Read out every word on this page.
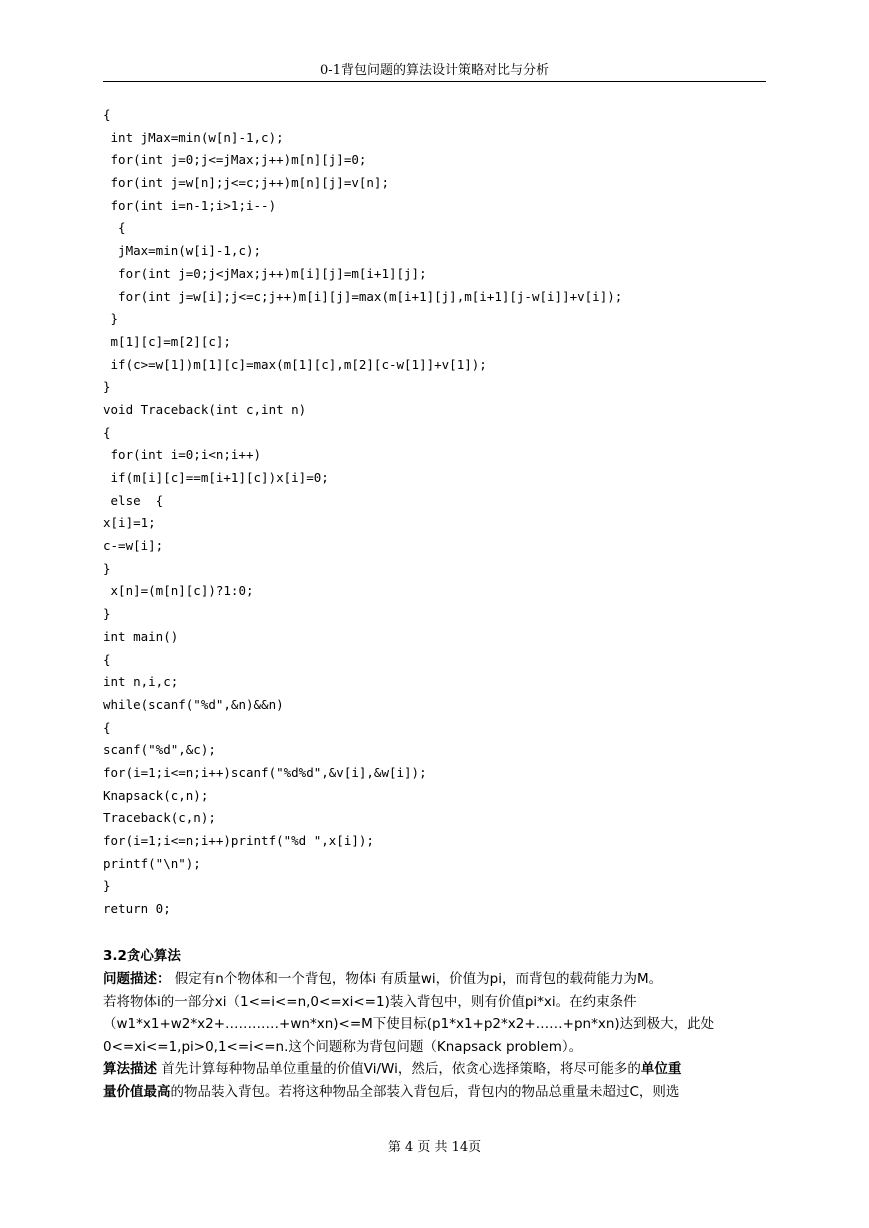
0-1背包问题的算法设计策略对比与分析
{
int jMax=min(w[n]-1,c);
for(int j=0;j<=jMax;j++)m[n][j]=0;
for(int j=w[n];j<=c;j++)m[n][j]=v[n];
for(int i=n-1;i>1;i--)
{
jMax=min(w[i]-1,c);
for(int j=0;j<jMax;j++)m[i][j]=m[i+1][j];
for(int j=w[i];j<=c;j++)m[i][j]=max(m[i+1][j],m[i+1][j-w[i]]+v[i]);
}
m[1][c]=m[2][c];
if(c>=w[1])m[1][c]=max(m[1][c],m[2][c-w[1]]+v[1]);
}
void Traceback(int c,int n)
{
for(int i=0;i<n;i++)
if(m[i][c]==m[i+1][c])x[i]=0;
else  {
x[i]=1;
c-=w[i];
}
x[n]=(m[n][c])?1:0;
}
int main()
{
int n,i,c;
while(scanf("%d",&n)&&n)
{
scanf("%d",&c);
for(i=1;i<=n;i++)scanf("%d%d",&v[i],&w[i]);
Knapsack(c,n);
Traceback(c,n);
for(i=1;i<=n;i++)printf("%d ",x[i]);
printf("\n");
}
return 0;
3.2贪心算法
问题描述： 假定有n个物体和一个背包，物体i 有质量wi，价值为pi，而背包的载荷能力为M。
若将物体i的一部分xi（1<=i<=n,0<=xi<=1)装入背包中，则有价值pi*xi。在约束条件
（w1*x1+w2*x2+…………+wn*xn)<=M下使目标(p1*x1+p2*x2+……+pn*xn)达到极大，此处
0<=xi<=1,pi>0,1<=i<=n.这个问题称为背包问题（Knapsack problem）。
算法描述 首先计算每种物品单位重量的价值Vi/Wi，然后，依贪心选择策略，将尽可能多的单位重
量价值最高的物品装入背包。若将这种物品全部装入背包后，背包内的物品总重量未超过C，则选
第 4 页 共 14页
